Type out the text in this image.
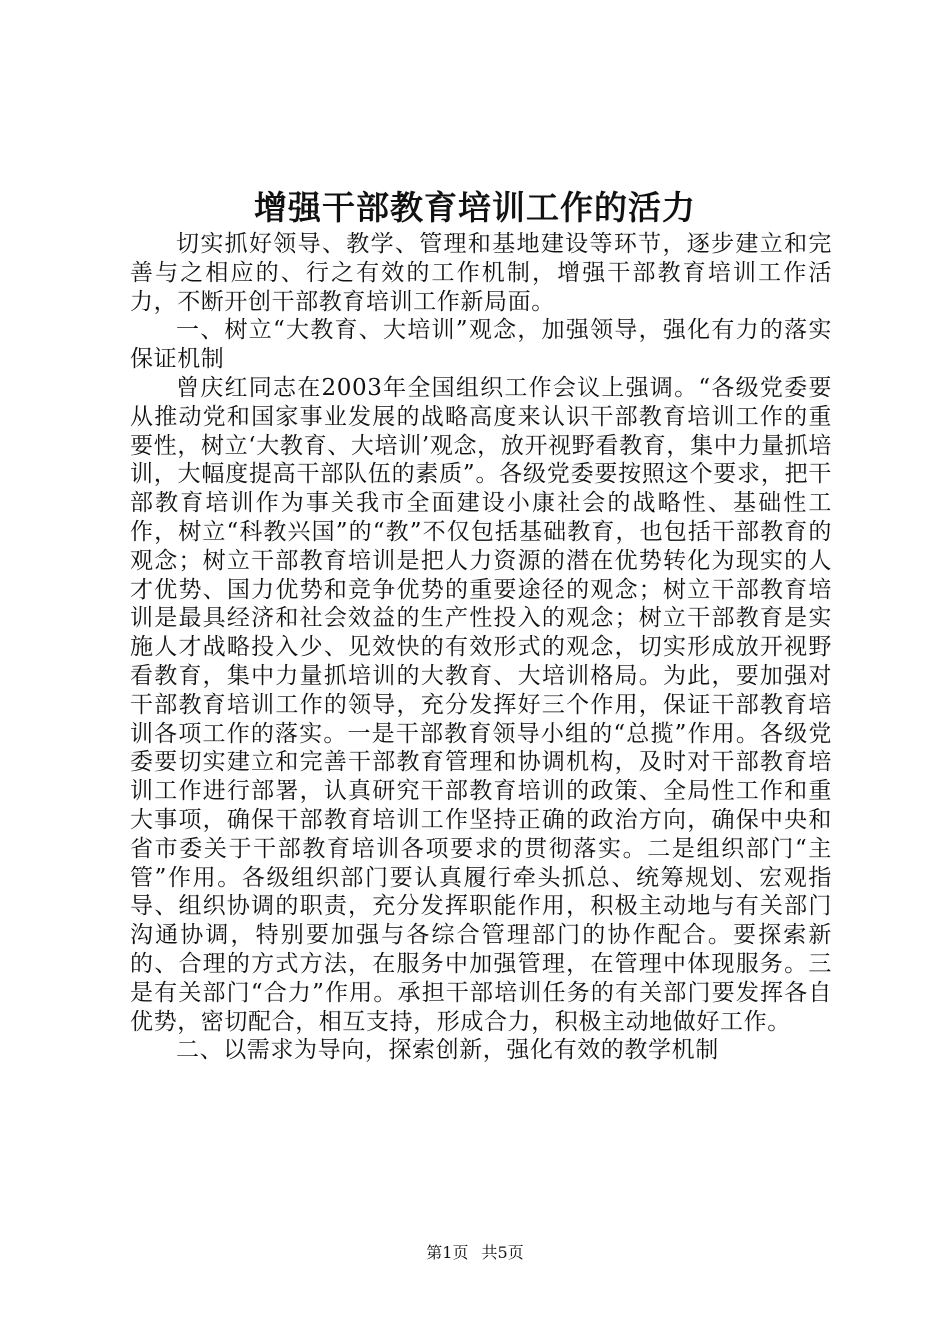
增强干部教育培训工作的活力

切实抓好领导、教学、管理和基地建设等环节，逐步建立和完善与之相应的、行之有效的工作机制，增强干部教育培训工作活力，不断开创干部教育培训工作新局面。

一、树立“大教育、大培训”观念，加强领导，强化有力的落实保证机制

曾庆红同志在2003年全国组织工作会议上强调。“各级党委要从推动党和国家事业发展的战略高度来认识干部教育培训工作的重要性，树立‘大教育、大培训’观念，放开视野看教育，集中力量抓培训，大幅度提高干部队伍的素质”。各级党委要按照这个要求，把干部教育培训作为事关我市全面建设小康社会的战略性、基础性工作，树立“科教兴国”的“教”不仅包括基础教育，也包括干部教育的观念；树立干部教育培训是把人力资源的潜在优势转化为现实的人才优势、国力优势和竞争优势的重要途径的观念；树立干部教育培训是最具经济和社会效益的生产性投入的观念；树立干部教育是实施人才战略投入少、见效快的有效形式的观念，切实形成放开视野看教育，集中力量抓培训的大教育、大培训格局。为此，要加强对干部教育培训工作的领导，充分发挥好三个作用，保证干部教育培训各项工作的落实。一是干部教育领导小组的“总揽”作用。各级党委要切实建立和完善干部教育管理和协调机构，及时对干部教育培训工作进行部署，认真研究干部教育培训的政策、全局性工作和重大事项，确保干部教育培训工作坚持正确的政治方向，确保中央和省市委关于干部教育培训各项要求的贯彻落实。二是组织部门“主管”作用。各级组织部门要认真履行牵头抓总、统筹规划、宏观指导、组织协调的职责，充分发挥职能作用，积极主动地与有关部门沟通协调，特别要加强与各综合管理部门的协作配合。要探索新的、合理的方式方法，在服务中加强管理，在管理中体现服务。三是有关部门“合力”作用。承担干部培训任务的有关部门要发挥各自优势，密切配合，相互支持，形成合力，积极主动地做好工作。

二、以需求为导向，探索创新，强化有效的教学机制

第1页 共5页
